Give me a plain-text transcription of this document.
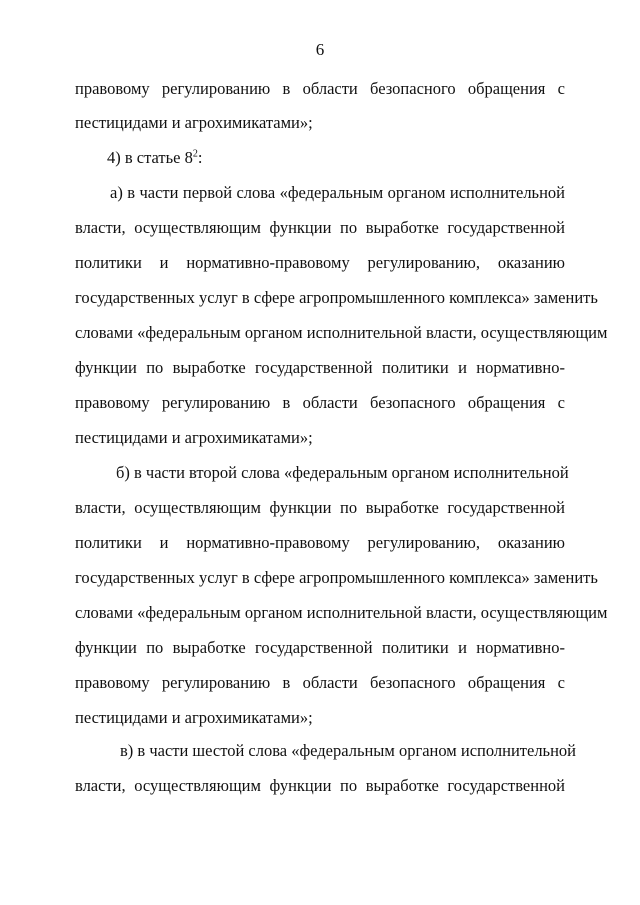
6
правовому регулированию в области безопасного обращения с
пестицидами и агрохимикатами»;
4) в статье $8^2$:
а) в части первой слова «федеральным органом исполнительной
власти, осуществляющим функции по выработке государственной
политики и нормативно-правовому регулированию, оказанию
государственных услуг в сфере агропромышленного комплекса» заменить
словами «федеральным органом исполнительной власти, осуществляющим
функции по выработке государственной политики и нормативно-
правовому регулированию в области безопасного обращения с
пестицидами и агрохимикатами»;
б) в части второй слова «федеральным органом исполнительной
власти, осуществляющим функции по выработке государственной
политики и нормативно-правовому регулированию, оказанию
государственных услуг в сфере агропромышленного комплекса» заменить
словами «федеральным органом исполнительной власти, осуществляющим
функции по выработке государственной политики и нормативно-
правовому регулированию в области безопасного обращения с
пестицидами и агрохимикатами»;
в) в части шестой слова «федеральным органом исполнительной
власти, осуществляющим функции по выработке государственной
